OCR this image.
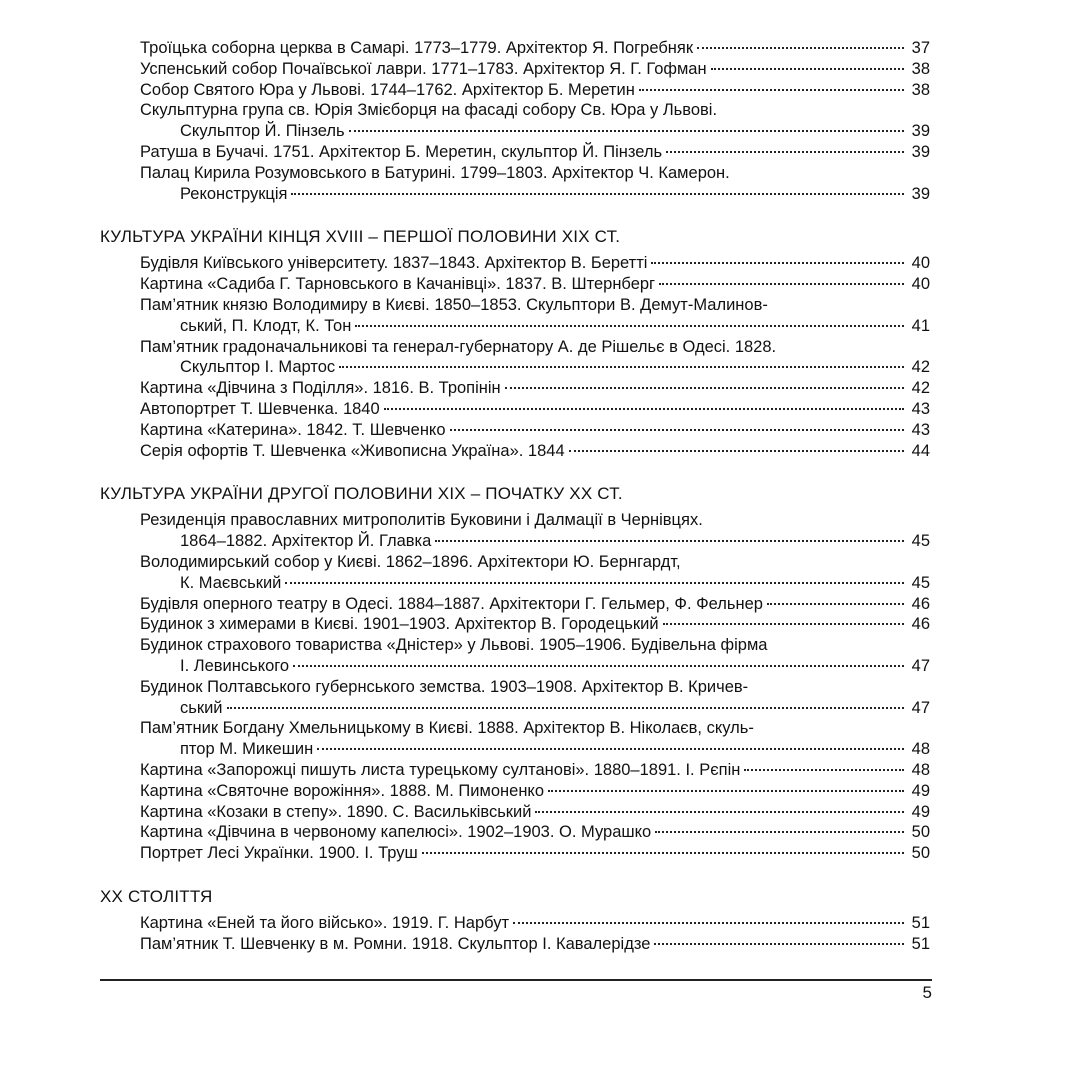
Троїцька соборна церква в Самарі. 1773–1779. Архітектор Я. Погребняк	37
Успенський собор Почаївської лаври. 1771–1783. Архітектор Я. Г. Гофман	38
Собор Святого Юра у Львові. 1744–1762. Архітектор Б. Меретин	38
Скульптурна група св. Юрія Змієборця на фасаді собору Св. Юра у Львові.
Скульптор Й. Пінзель	39
Ратуша в Бучачі. 1751. Архітектор Б. Меретин, скульптор Й. Пінзель	39
Палац Кирила Розумовського в Батурині. 1799–1803. Архітектор Ч. Камерон.
Реконструкція	39
КУЛЬТУРА УКРАЇНИ КІНЦЯ XVIII – ПЕРШОЇ ПОЛОВИНИ XIX СТ.
Будівля Київського університету. 1837–1843. Архітектор В. Беретті	40
Картина «Садиба Г. Тарновського в Качанівці». 1837. В. Штернберг	40
Пам’ятник князю Володимиру в Києві. 1850–1853. Скульптори В. Демут-Малинов-
ський, П. Клодт, К. Тон	41
Пам’ятник градоначальникові та генерал-губернатору А. де Рішельє в Одесі. 1828.
Скульптор І. Мартос	42
Картина «Дівчина з Поділля». 1816. В. Тропінін	42
Автопортрет Т. Шевченка. 1840	43
Картина «Катерина». 1842. Т. Шевченко	43
Серія офортів Т. Шевченка «Живописна Україна». 1844	44
КУЛЬТУРА УКРАЇНИ ДРУГОЇ ПОЛОВИНИ XIX – ПОЧАТКУ XX СТ.
Резиденція православних митрополитів Буковини і Далмації в Чернівцях.
1864–1882. Архітектор Й. Главка	45
Володимирський собор у Києві. 1862–1896. Архітектори Ю. Бернгардт,
К. Маєвський	45
Будівля оперного театру в Одесі. 1884–1887. Архітектори Г. Гельмер, Ф. Фельнер	46
Будинок з химерами в Києві. 1901–1903. Архітектор В. Городецький	46
Будинок страхового товариства «Дністер» у Львові. 1905–1906. Будівельна фірма
І. Левинського	47
Будинок Полтавського губернського земства. 1903–1908. Архітектор В. Кричев-
ський	47
Пам’ятник Богдану Хмельницькому в Києві. 1888. Архітектор В. Ніколаєв, скуль-
птор М. Микешин	48
Картина «Запорожці пишуть листа турецькому султанові». 1880–1891. І. Рєпін	48
Картина «Святочне ворожіння». 1888. М. Пимоненко	49
Картина «Козаки в степу». 1890. С. Васильківський	49
Картина «Дівчина в червоному капелюсі». 1902–1903. О. Мурашко	50
Портрет Лесі Українки. 1900. І. Труш	50
XX СТОЛІТТЯ
Картина «Еней та його військо». 1919. Г. Нарбут	51
Пам’ятник Т. Шевченку в м. Ромни. 1918. Скульптор І. Кавалерідзе	51
5
